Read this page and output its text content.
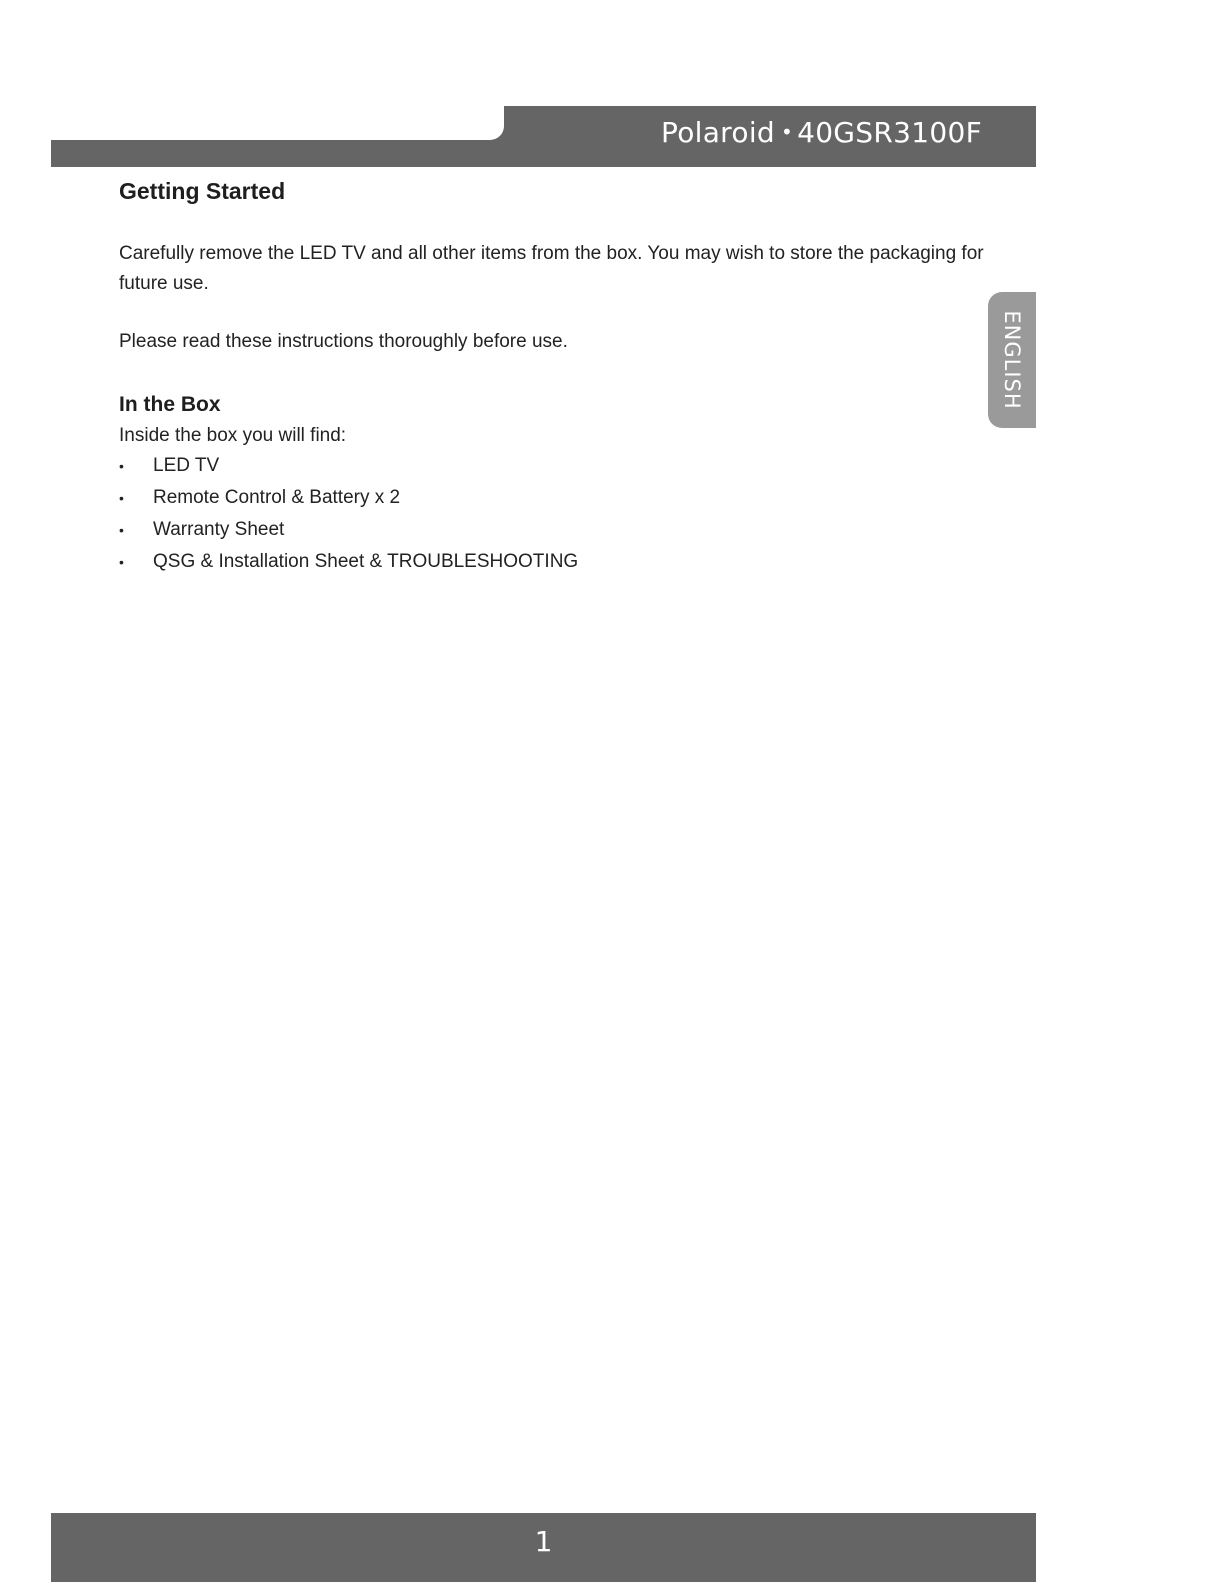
Polaroid • 40GSR3100F
ENGLISH
Getting Started

Carefully remove the LED TV and all other items from the box. You may wish to store the packaging for future use.

Please read these instructions thoroughly before use.

In the Box

Inside the box you will find:

• LED TV
• Remote Control & Battery x 2
• Warranty Sheet
• QSG & Installation Sheet & TROUBLESHOOTING
1
